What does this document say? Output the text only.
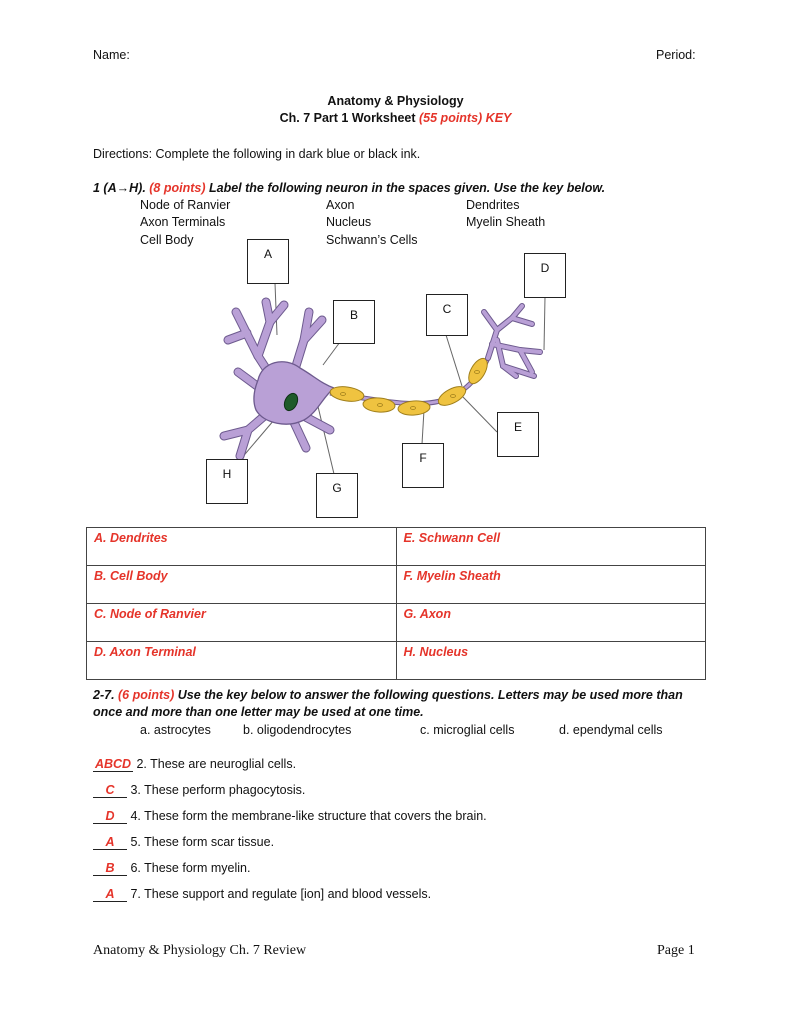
Name:	Period:
Anatomy & Physiology
Ch. 7 Part 1 Worksheet (55 points) KEY
Directions: Complete the following in dark blue or black ink.
1 (A→H). (8 points) Label the following neuron in the spaces given. Use the key below.
Node of Ranvier	Axon	Dendrites
Axon Terminals	Nucleus	Myelin Sheath
Cell Body	Schwann’s Cells
A
B	C
D
E
F
G
H
A. Dendrites	E. Schwann Cell
B. Cell Body	F. Myelin Sheath
C. Node of Ranvier	G. Axon
D. Axon Terminal	H. Nucleus
2-7. (6 points) Use the key below to answer the following questions. Letters may be used more than
once and more than one letter may be used at one time.
a. astrocytes	b. oligodendrocytes	c. microglial cells	d. ependymal cells
ABCD 2. These are neuroglial cells.
C 3. These perform phagocytosis.
D 4. These form the membrane-like structure that covers the brain.
A 5. These form scar tissue.
B 6. These form myelin.
A 7. These support and regulate [ion] and blood vessels.
Anatomy & Physiology Ch. 7 Review	Page 1
